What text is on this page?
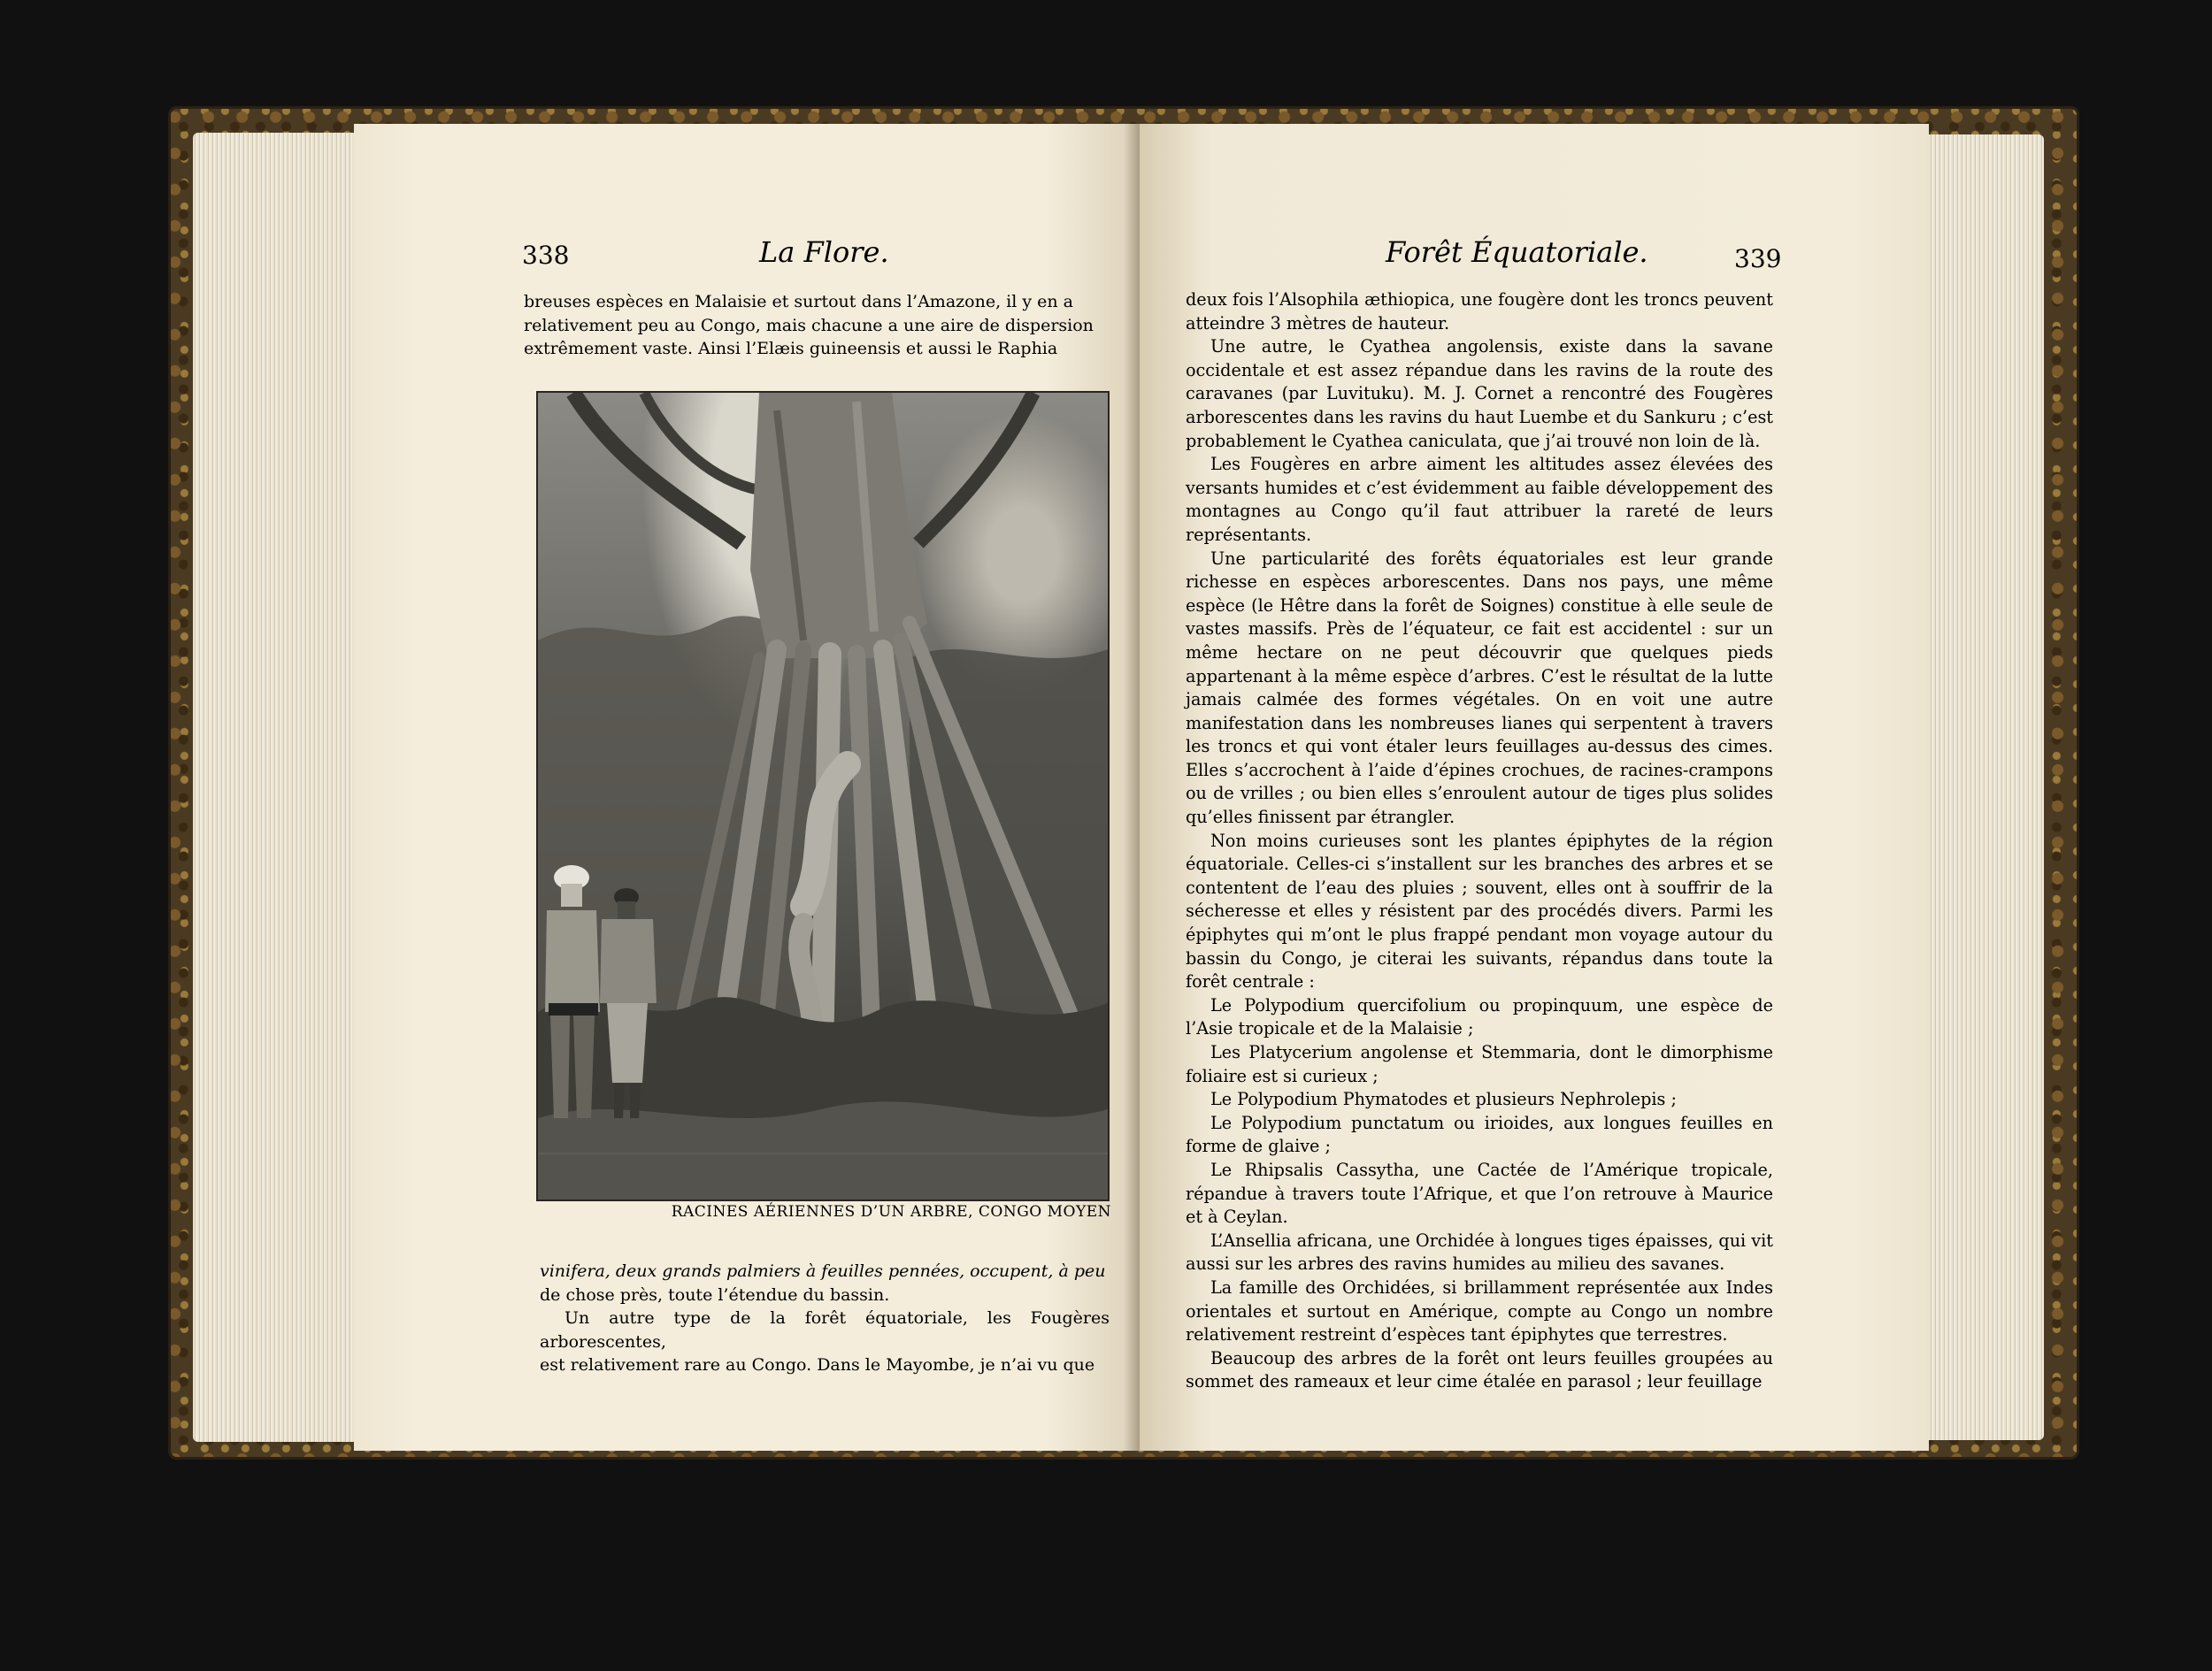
338	La Flore.

breuses espèces en Malaisie et surtout dans l’Amazone, il y en a

relativement peu au Congo, mais chacune a une aire de dispersion

extrêmement vaste. Ainsi l’Elæis guineensis et aussi le Raphia

RACINES AÉRIENNES D’UN ARBRE, CONGO MOYEN

vinifera, deux grands palmiers à feuilles pennées, occupent, à peu

de chose près, toute l’étendue du bassin.

Un autre type de la forêt équatoriale, les Fougères arborescentes,

est relativement rare au Congo. Dans le Mayombe, je n’ai vu que

Forêt Équatoriale.	339

deux fois l’Alsophila æthiopica, une fougère dont les troncs peuvent atteindre 3 mètres de hauteur.

Une autre, le Cyathea angolensis, existe dans la savane occidentale et est assez répandue dans les ravins de la route des caravanes (par Luvituku). M. J. Cornet a rencontré des Fougères arborescentes dans les ravins du haut Luembe et du Sankuru ; c’est probablement le Cyathea caniculata, que j’ai trouvé non loin de là.

Les Fougères en arbre aiment les altitudes assez élevées des versants humides et c’est évidemment au faible développement des montagnes au Congo qu’il faut attribuer la rareté de leurs représentants.

Une particularité des forêts équatoriales est leur grande richesse en espèces arborescentes. Dans nos pays, une même espèce (le Hêtre dans la forêt de Soignes) constitue à elle seule de vastes massifs. Près de l’équateur, ce fait est accidentel : sur un même hectare on ne peut découvrir que quelques pieds appartenant à la même espèce d’arbres. C’est le résultat de la lutte jamais calmée des formes végétales. On en voit une autre manifestation dans les nombreuses lianes qui serpentent à travers les troncs et qui vont étaler leurs feuillages au-dessus des cimes. Elles s’accrochent à l’aide d’épines crochues, de racines-crampons ou de vrilles ; ou bien elles s’enroulent autour de tiges plus solides qu’elles finissent par étrangler.

Non moins curieuses sont les plantes épiphytes de la région équatoriale. Celles-ci s’installent sur les branches des arbres et se contentent de l’eau des pluies ; souvent, elles ont à souffrir de la sécheresse et elles y résistent par des procédés divers. Parmi les épiphytes qui m’ont le plus frappé pendant mon voyage autour du bassin du Congo, je citerai les suivants, répandus dans toute la forêt centrale :

Le Polypodium quercifolium ou propinquum, une espèce de l’Asie tropicale et de la Malaisie ;

Les Platycerium angolense et Stemmaria, dont le dimorphisme foliaire est si curieux ;

Le Polypodium Phymatodes et plusieurs Nephrolepis ;

Le Polypodium punctatum ou irioides, aux longues feuilles en forme de glaive ;

Le Rhipsalis Cassytha, une Cactée de l’Amérique tropicale, répandue à travers toute l’Afrique, et que l’on retrouve à Maurice et à Ceylan.

L’Ansellia africana, une Orchidée à longues tiges épaisses, qui vit aussi sur les arbres des ravins humides au milieu des savanes.

La famille des Orchidées, si brillamment représentée aux Indes orientales et surtout en Amérique, compte au Congo un nombre relativement restreint d’espèces tant épiphytes que terrestres.

Beaucoup des arbres de la forêt ont leurs feuilles groupées au sommet des rameaux et leur cime étalée en parasol ; leur feuillage
